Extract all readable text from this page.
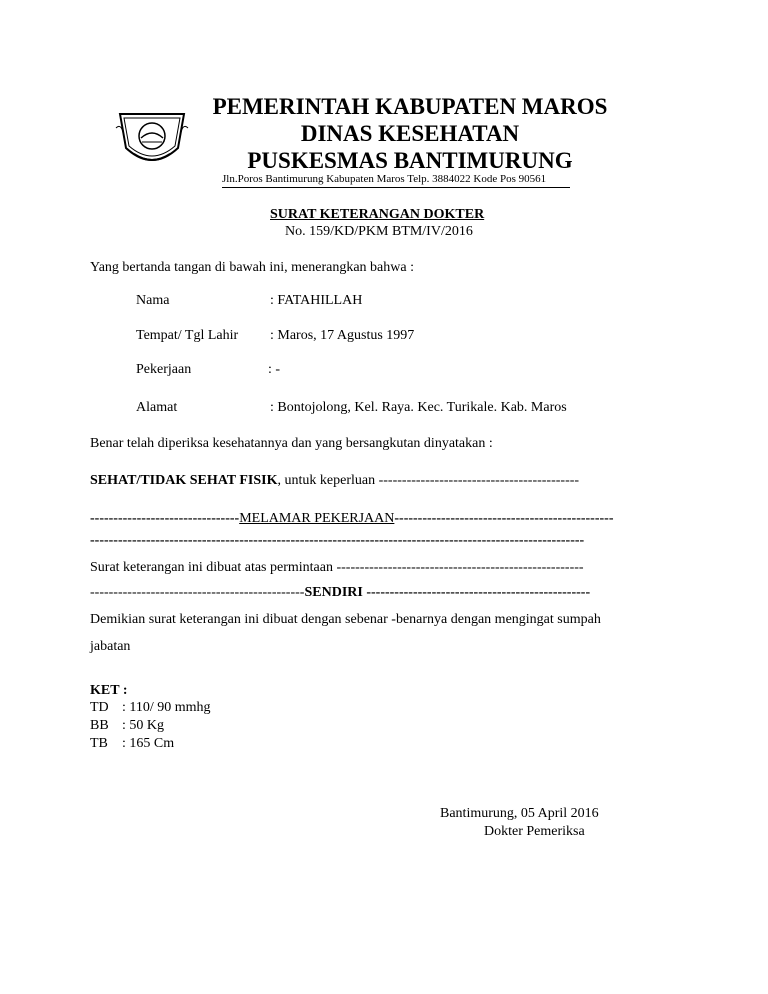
PEMERINTAH KABUPATEN MAROS
DINAS KESEHATAN
PUSKESMAS BANTIMURUNG
Jln.Poros Bantimurung Kabupaten Maros Telp. 3884022 Kode Pos 90561
SURAT KETERANGAN DOKTER
No. 159/KD/PKM BTM/IV/2016
Yang bertanda tangan di bawah ini, menerangkan bahwa :
Nama	: FATAHILLAH
Tempat/ Tgl Lahir : Maros, 17 Agustus 1997
Pekerjaan	: -
Alamat	: Bontojolong, Kel. Raya. Kec. Turikale. Kab. Maros
Benar telah diperiksa kesehatannya dan yang bersangkutan dinyatakan :
SEHAT/TIDAK SEHAT FISIK, untuk keperluan -------------------------------------------
--------------------------------MELAMAR PEKERJAAN-----------------------------------------------
----------------------------------------------------------------------------------------------------------
Surat keterangan ini dibuat atas permintaan -----------------------------------------------------
----------------------------------------------SENDIRI ------------------------------------------------
Demikian surat keterangan ini dibuat dengan sebenar -benarnya dengan mengingat sumpah
jabatan
KET :
TD : 110/ 90 mmhg
BB : 50 Kg
TB : 165 Cm
Bantimurung, 05 April 2016
Dokter Pemeriksa
